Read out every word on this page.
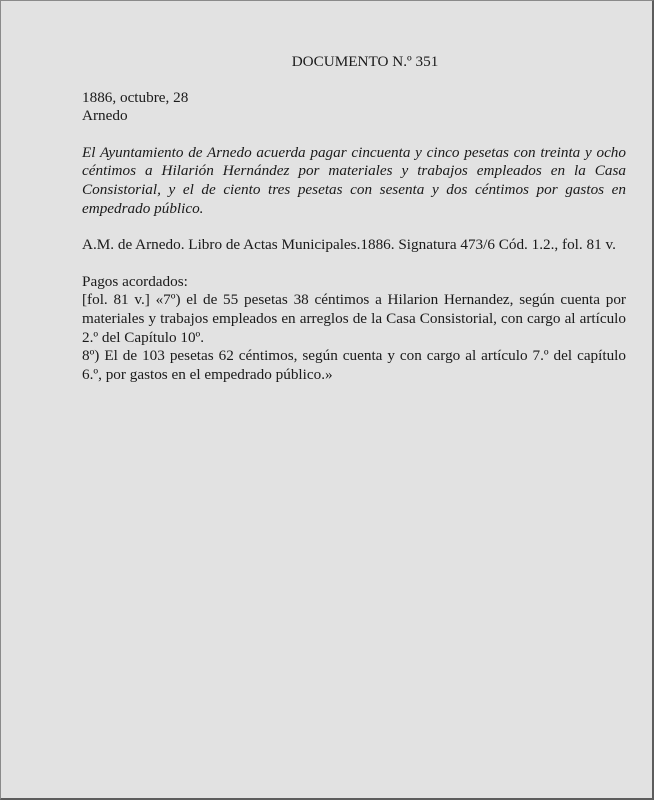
DOCUMENTO N.º 351
1886, octubre, 28
Arnedo
El Ayuntamiento de Arnedo acuerda pagar cincuenta y cinco pesetas con treinta y ocho céntimos a Hilarión Hernández por materiales y trabajos empleados en la Casa Consistorial, y el de ciento tres pesetas con sesenta y dos céntimos por gastos en empedrado público.
A.M. de Arnedo. Libro de Actas Municipales.1886. Signatura 473/6 Cód. 1.2., fol. 81 v.

Pagos acordados:

[fol. 81 v.] «7º) el de 55 pesetas 38 céntimos a Hilarion Hernandez, según cuenta por materiales y trabajos empleados en arreglos de la Casa Consistorial, con cargo al artículo 2.º del Capítulo 10º.

8º) El de 103 pesetas 62 céntimos, según cuenta y con cargo al artículo 7.º del capítulo 6.º, por gastos en el empedrado público.»
